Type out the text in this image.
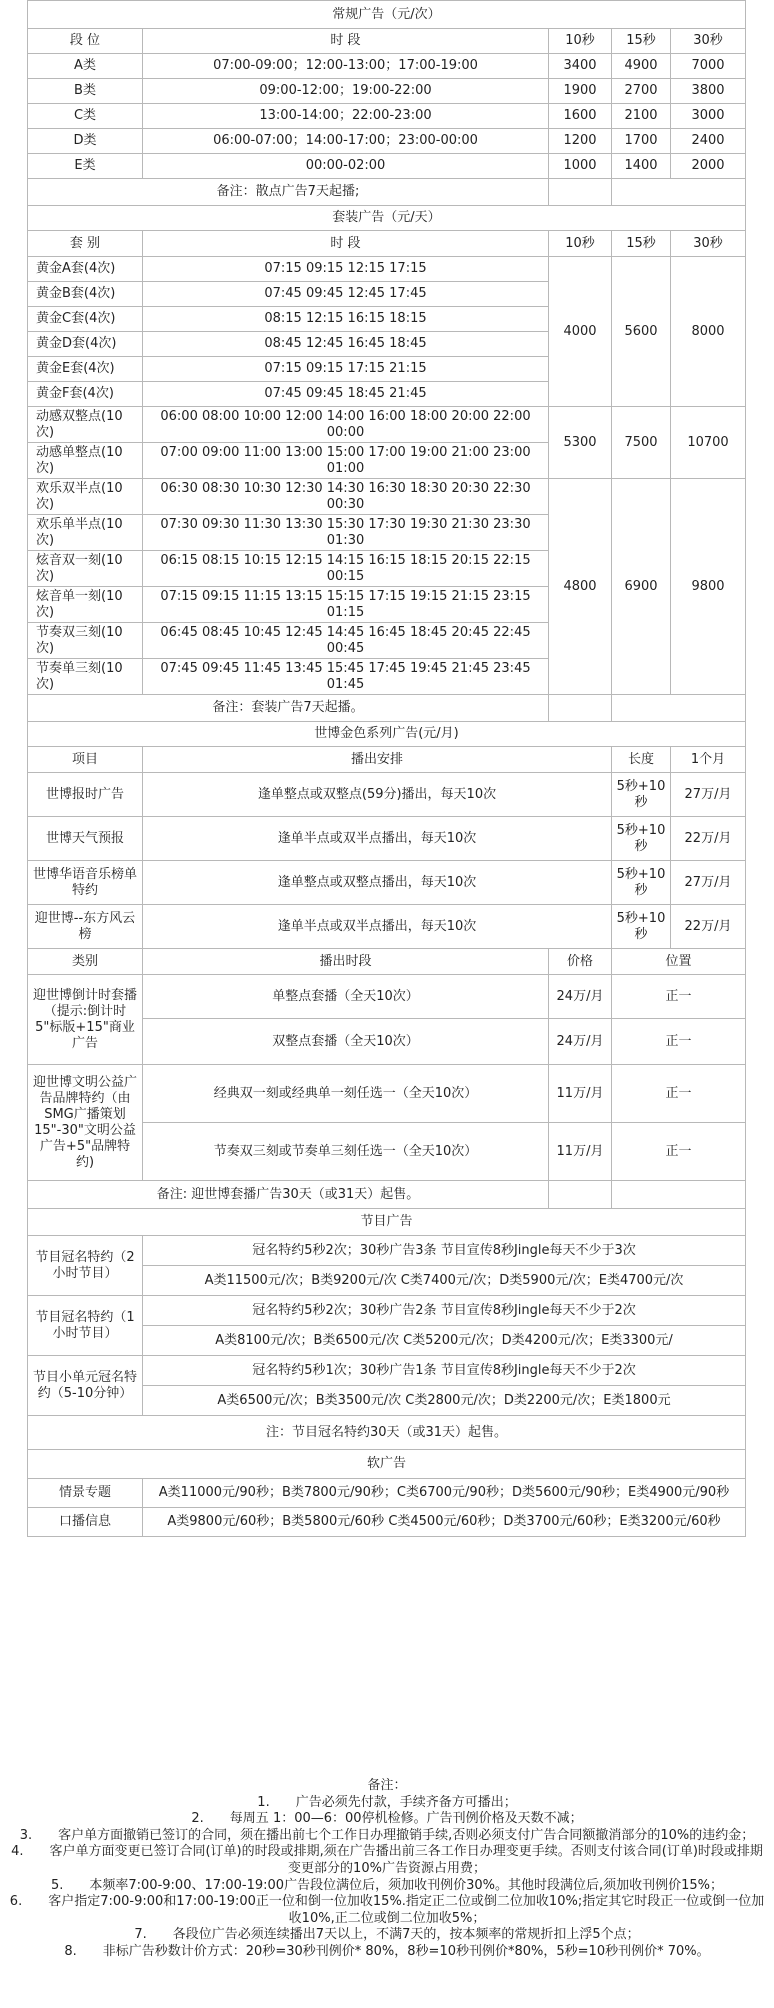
常规广告（元/次）				
段 位	时 段	10秒	15秒	30秒
A类	07:00-09:00；12:00-13:00；17:00-19:00	3400	4900	7000
B类	09:00-12:00；19:00-22:00	1900	2700	3800
C类	13:00-14:00；22:00-23:00	1600	2100	3000
D类	06:00-07:00；14:00-17:00；23:00-00:00	1200	1700	2400
E类	00:00-02:00	1000	1400	2000
备注：散点广告7天起播;				
套装广告（元/天）				
套 别	时 段	10秒	15秒	30秒
黄金A套(4次)	07:15 09:15 12:15 17:15	4000	5600	8000
黄金B套(4次)	07:45 09:45 12:45 17:45			
黄金C套(4次)	08:15 12:15 16:15 18:15			
黄金D套(4次)	08:45 12:45 16:45 18:45			
黄金E套(4次)	07:15 09:15 17:15 21:15			
黄金F套(4次)	07:45 09:45 18:45 21:45			
动感双整点(10次)	06:00 08:00 10:00 12:00 14:00 16:00 18:00 20:00 22:00 00:00	5300	7500	10700
动感单整点(10次)	07:00 09:00 11:00 13:00 15:00 17:00 19:00 21:00 23:00 01:00			
欢乐双半点(10次)	06:30 08:30 10:30 12:30 14:30 16:30 18:30 20:30 22:30 00:30	4800	6900	9800
欢乐单半点(10次)	07:30 09:30 11:30 13:30 15:30 17:30 19:30 21:30 23:30 01:30			
炫音双一刻(10次)	06:15 08:15 10:15 12:15 14:15 16:15 18:15 20:15 22:15 00:15			
炫音单一刻(10次)	07:15 09:15 11:15 13:15 15:15 17:15 19:15 21:15 23:15 01:15			
节奏双三刻(10次)	06:45 08:45 10:45 12:45 14:45 16:45 18:45 20:45 22:45 00:45			
节奏单三刻(10次)	07:45 09:45 11:45 13:45 15:45 17:45 19:45 21:45 23:45 01:45			
备注：套装广告7天起播。				
世博金色系列广告(元/月)				
项目	播出安排		长度	1个月
世博报时广告	逢单整点或双整点(59分)播出，每天10次		5秒+10秒	27万/月
世博天气预报	逢单半点或双半点播出，每天10次		5秒+10秒	22万/月
世博华语音乐榜单特约	逢单整点或双整点播出，每天10次		5秒+10秒	27万/月
迎世博--东方风云榜	逢单半点或双半点播出，每天10次		5秒+10秒	22万/月
类别	播出时段	价格	位置	
迎世博倒计时套播（提示:倒计时5"标版+15"商业广告	单整点套播（全天10次）	24万/月	正一	
	双整点套播（全天10次）	24万/月	正一	
迎世博文明公益广告品牌特约（由SMG广播策划15"-30"文明公益广告+5"品牌特约)	经典双一刻或经典单一刻任选一（全天10次）	11万/月	正一	
	节奏双三刻或节奏单三刻任选一（全天10次）	11万/月	正一	
备注: 迎世博套播广告30天（或31天）起售。				
节目广告				
节目冠名特约（2小时节目）	冠名特约5秒2次；30秒广告3条 节目宣传8秒Jingle每天不少于3次			
	A类11500元/次；B类9200元/次 C类7400元/次；D类5900元/次；E类4700元/次			
节目冠名特约（1小时节目）	冠名特约5秒2次；30秒广告2条 节目宣传8秒Jingle每天不少于2次			
	A类8100元/次；B类6500元/次 C类5200元/次；D类4200元/次；E类3300元/			
节目小单元冠名特约（5-10分钟）	冠名特约5秒1次；30秒广告1条 节目宣传8秒Jingle每天不少于2次			
	A类6500元/次；B类3500元/次 C类2800元/次；D类2200元/次；E类1800元			
注：节目冠名特约30天（或31天）起售。				
软广告				
情景专题	A类11000元/90秒；B类7800元/90秒；C类6700元/90秒；D类5600元/90秒；E类4900元/90秒			
口播信息	A类9800元/60秒；B类5800元/60秒 C类4500元/60秒；D类3700元/60秒；E类3200元/60秒			
备注：
1.　　广告必须先付款，手续齐备方可播出；
2.　　每周五 1：00—6：00停机检修。广告刊例价格及天数不减；
3.　　客户单方面撤销已签订的合同，须在播出前七个工作日办理撤销手续,否则必须支付广告合同额撤消部分的10%的违约金；
4.　　客户单方面变更已签订合同(订单)的时段或排期,须在广告播出前三各工作日办理变更手续。否则支付该合同(订单)时段或排期变更部分的10%广告资源占用费；
5.　　本频率7:00-9:00、17:00-19:00广告段位满位后，须加收刊例价30%。其他时段满位后,须加收刊例价15%；
6.　　客户指定7:00-9:00和17:00-19:00正一位和倒一位加收15%.指定正二位或倒二位加收10%;指定其它时段正一位或倒一位加收10%,正二位或倒二位加收5%；
7.　　各段位广告必须连续播出7天以上，不满7天的，按本频率的常规折扣上浮5个点；
8.　　非标广告秒数计价方式：20秒=30秒刊例价* 80%，8秒=10秒刊例价*80%，5秒=10秒刊例价* 70%。
